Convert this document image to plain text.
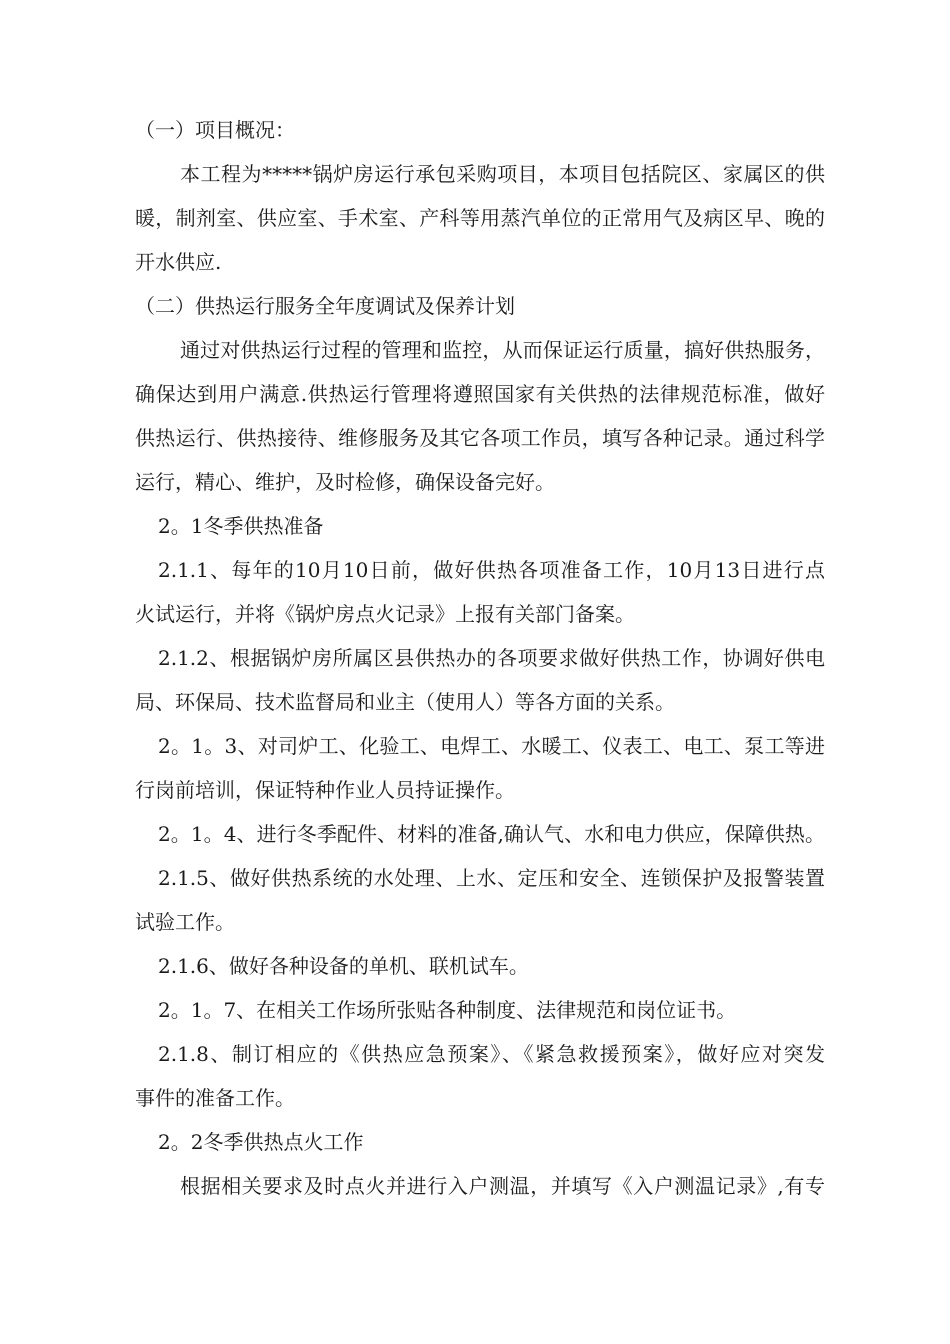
（一）项目概况：
本工程为*****锅炉房运行承包采购项目，本项目包括院区、家属区的供
暖，制剂室、供应室、手术室、产科等用蒸汽单位的正常用气及病区早、晚的
开水供应.
（二）供热运行服务全年度调试及保养计划
通过对供热运行过程的管理和监控，从而保证运行质量，搞好供热服务，
确保达到用户满意.供热运行管理将遵照国家有关供热的法律规范标准，做好
供热运行、供热接待、维修服务及其它各项工作员，填写各种记录。通过科学
运行，精心、维护，及时检修，确保设备完好。
2。1冬季供热准备
2.1.1、每年的10月10日前，做好供热各项准备工作，10月13日进行点
火试运行，并将《锅炉房点火记录》上报有关部门备案。
2.1.2、根据锅炉房所属区县供热办的各项要求做好供热工作，协调好供电
局、环保局、技术监督局和业主（使用人）等各方面的关系。
2。1。3、对司炉工、化验工、电焊工、水暖工、仪表工、电工、泵工等进
行岗前培训，保证特种作业人员持证操作。
2。1。4、进行冬季配件、材料的准备,确认气、水和电力供应，保障供热。
2.1.5、做好供热系统的水处理、上水、定压和安全、连锁保护及报警装置
试验工作。
2.1.6、做好各种设备的单机、联机试车。
2。1。7、在相关工作场所张贴各种制度、法律规范和岗位证书。
2.1.8、制订相应的《供热应急预案》、《紧急救援预案》，做好应对突发
事件的准备工作。
2。2冬季供热点火工作
根据相关要求及时点火并进行入户测温，并填写《入户测温记录》,有专
